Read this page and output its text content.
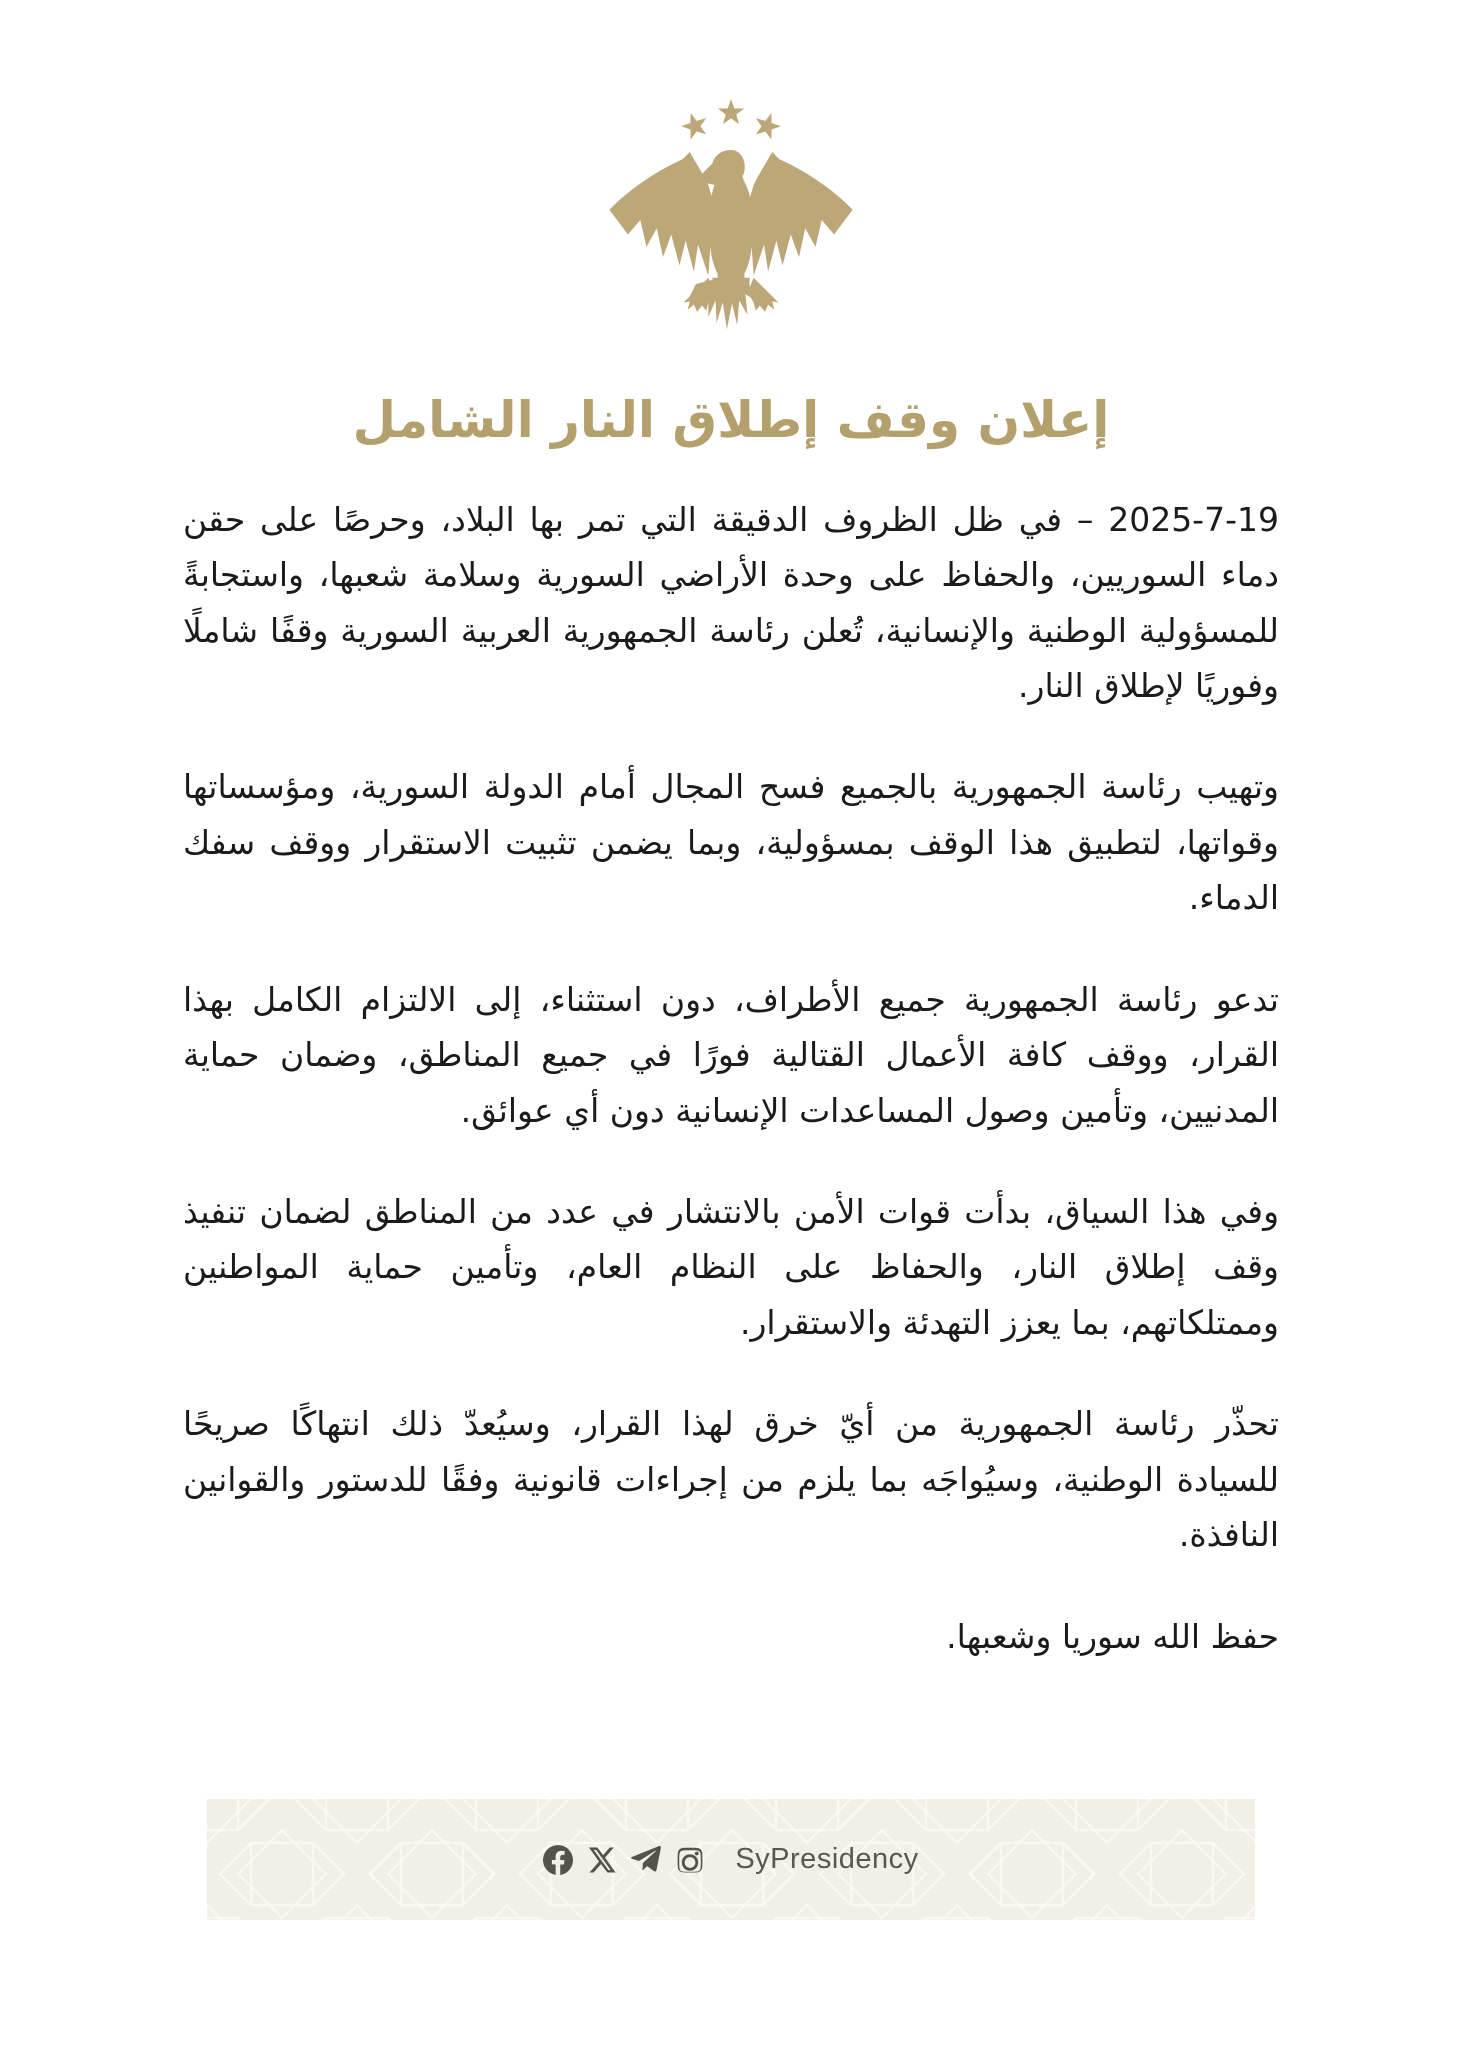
إعلان وقف إطلاق النار الشامل

2025-7-19 – في ظل الظروف الدقيقة التي تمر بها البلاد، وحرصًا على حقن دماء السوريين، والحفاظ على وحدة الأراضي السورية وسلامة شعبها، واستجابةً للمسؤولية الوطنية والإنسانية، تُعلن رئاسة الجمهورية العربية السورية وقفًا شاملًا وفوريًا لإطلاق النار.

وتهيب رئاسة الجمهورية بالجميع فسح المجال أمام الدولة السورية، ومؤسساتها وقواتها، لتطبيق هذا الوقف بمسؤولية، وبما يضمن تثبيت الاستقرار ووقف سفك الدماء.

تدعو رئاسة الجمهورية جميع الأطراف، دون استثناء، إلى الالتزام الكامل بهذا القرار، ووقف كافة الأعمال القتالية فورًا في جميع المناطق، وضمان حماية المدنيين، وتأمين وصول المساعدات الإنسانية دون أي عوائق.

وفي هذا السياق، بدأت قوات الأمن بالانتشار في عدد من المناطق لضمان تنفيذ وقف إطلاق النار، والحفاظ على النظام العام، وتأمين حماية المواطنين وممتلكاتهم، بما يعزز التهدئة والاستقرار.

تحذّر رئاسة الجمهورية من أيّ خرق لهذا القرار، وسيُعدّ ذلك انتهاكًا صريحًا للسيادة الوطنية، وسيُواجَه بما يلزم من إجراءات قانونية وفقًا للدستور والقوانين النافذة.

حفظ الله سوريا وشعبها.

SyPresidency
